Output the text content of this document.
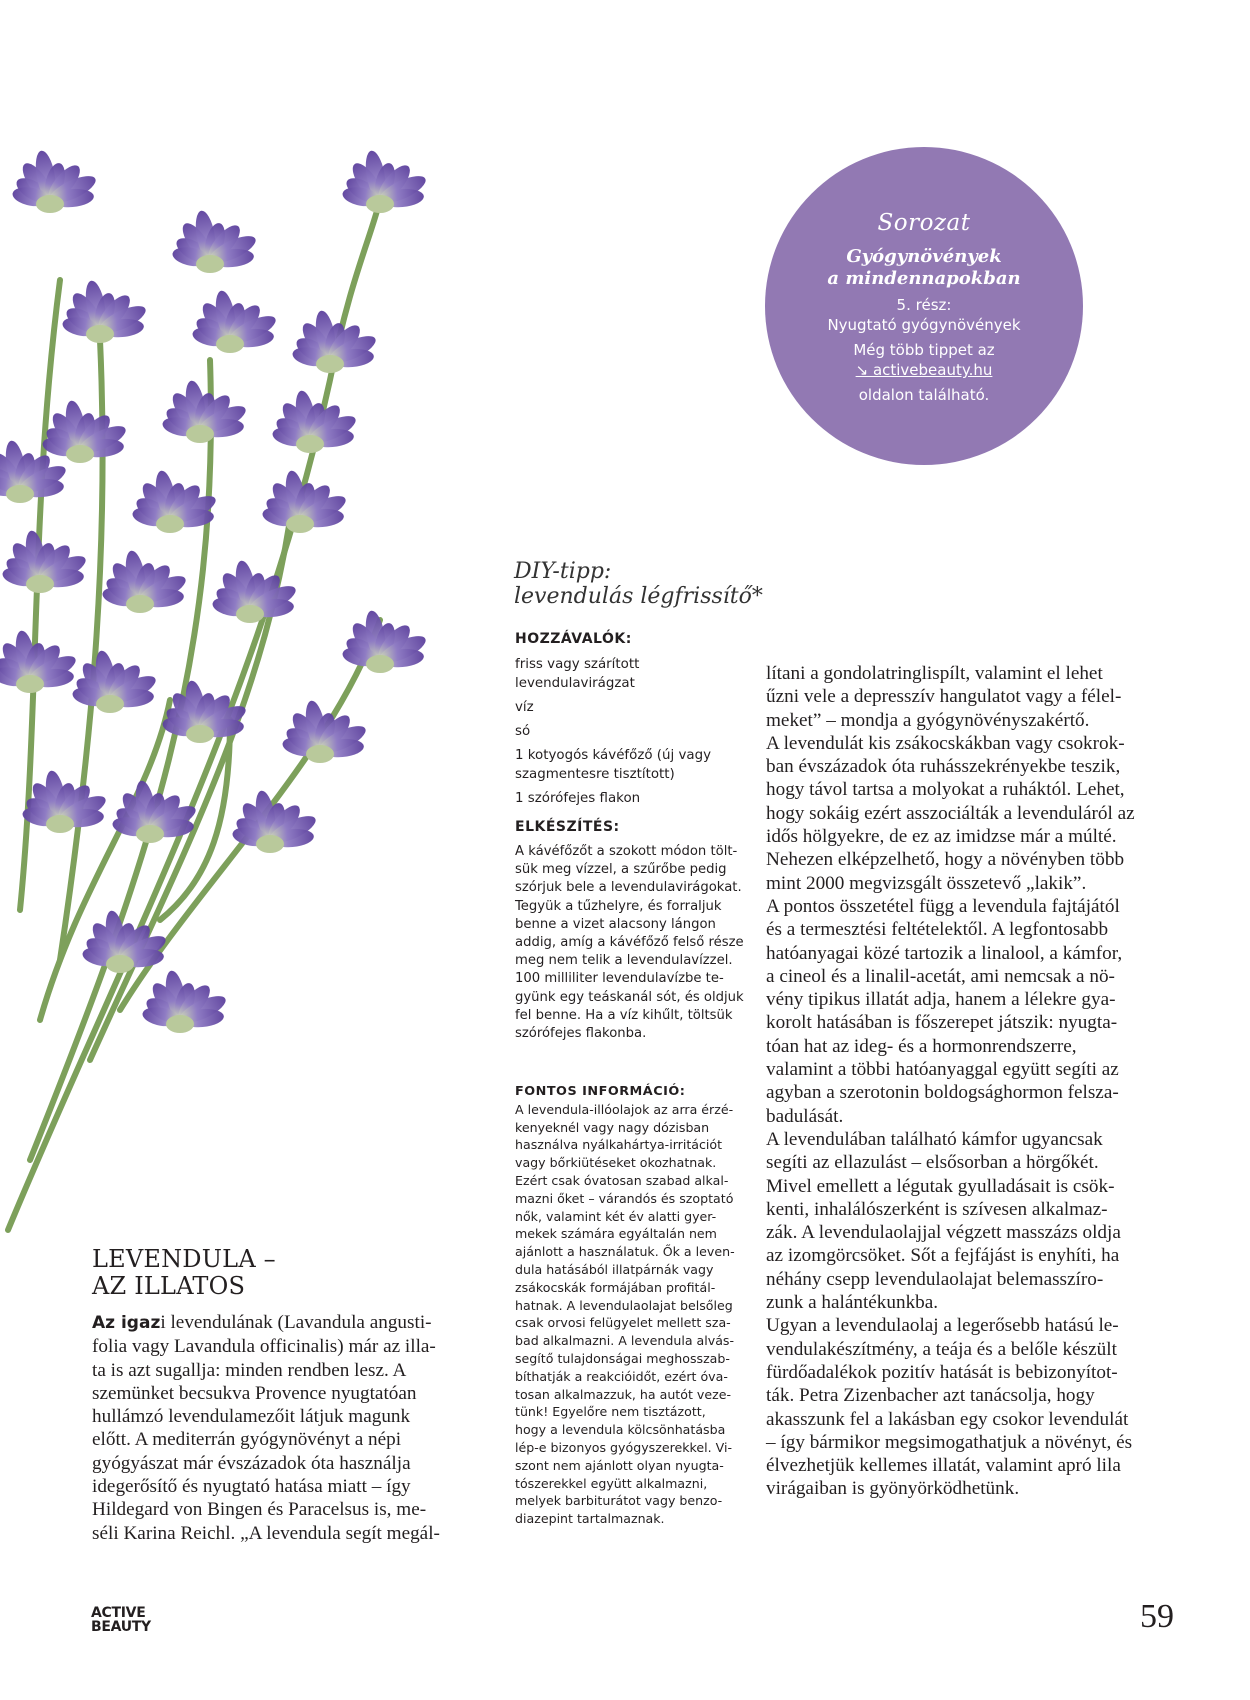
Sorozat
Gyógynövények
a mindennapokban
5. rész:
Nyugtató gyógynövények
Még több tippet az
↘ activebeauty.hu
oldalon található.
DIY-tipp:
levendulás légfrissítő*

HOZZÁVALÓK:

friss vagy szárított
levendulavirágzat
víz
só
1 kotyogós kávéfőző (új vagy
szagmentesre tisztított)
1 szórófejes flakon

ELKÉSZÍTÉS:

A kávéfőzőt a szokott módon tölt-

sük meg vízzel, a szűrőbe pedig

szórjuk bele a levendulavirágokat.

Tegyük a tűzhelyre, és forraljuk

benne a vizet alacsony lángon

addig, amíg a kávéfőző felső része

meg nem telik a levendulavízzel.

100 milliliter levendulavízbe te-

gyünk egy teáskanál sót, és oldjuk

fel benne. Ha a víz kihűlt, töltsük

szórófejes flakonba.

FONTOS INFORMÁCIÓ:

A levendula-illóolajok az arra érzé-

kenyeknél vagy nagy dózisban

használva nyálkahártya-irritációt

vagy bőrkiütéseket okozhatnak.

Ezért csak óvatosan szabad alkal-

mazni őket – várandós és szoptató

nők, valamint két év alatti gyer-

mekek számára egyáltalán nem

ajánlott a használatuk. Ők a leven-

dula hatásából illatpárnák vagy

zsákocskák formájában profitál-

hatnak. A levendulaolajat belsőleg

csak orvosi felügyelet mellett sza-

bad alkalmazni. A levendula alvás-

segítő tulajdonságai meghosszab-

bíthatják a reakcióidőt, ezért óva-

tosan alkalmazzuk, ha autót veze-

tünk! Egyelőre nem tisztázott,

hogy a levendula kölcsönhatásba

lép-e bizonyos gyógyszerekkel. Vi-

szont nem ajánlott olyan nyugta-

tószerekkel együtt alkalmazni,

melyek barbiturátot vagy benzo-

diazepint tartalmaznak.

lítani a gondolatringlispílt, valamint el lehet

űzni vele a depresszív hangulatot vagy a félel-

meket” – mondja a gyógynövényszakértő.

A levendulát kis zsákocskákban vagy csokrok-

ban évszázadok óta ruhásszekrényekbe teszik,

hogy távol tartsa a molyokat a ruháktól. Lehet,

hogy sokáig ezért asszociálták a levenduláról az

idős hölgyekre, de ez az imidzse már a múlté.

Nehezen elképzelhető, hogy a növényben több

mint 2000 megvizsgált összetevő „lakik”.

A pontos összetétel függ a levendula fajtájától

és a termesztési feltételektől. A legfontosabb

hatóanyagai közé tartozik a linalool, a kámfor,

a cineol és a linalil-acetát, ami nemcsak a nö-

vény tipikus illatát adja, hanem a lélekre gya-

korolt hatásában is főszerepet játszik: nyugta-

tóan hat az ideg- és a hormonrendszerre,

valamint a többi hatóanyaggal együtt segíti az

agyban a szerotonin boldogsághormon felsza-

badulását.

A levendulában található kámfor ugyancsak

segíti az ellazulást – elsősorban a hörgőkét.

Mivel emellett a légutak gyulladásait is csök-

kenti, inhalálószerként is szívesen alkalmaz-

zák. A levendulaolajjal végzett masszázs oldja

az izomgörcsöket. Sőt a fejfájást is enyhíti, ha

néhány csepp levendulaolajat belemasszíro-

zunk a halántékunkba.

Ugyan a levendulaolaj a legerősebb hatású le-

vendulakészítmény, a teája és a belőle készült

fürdőadalékok pozitív hatását is bebizonyítot-

ták. Petra Zizenbacher azt tanácsolja, hogy

akasszunk fel a lakásban egy csokor levendulát

– így bármikor megsimogathatjuk a növényt, és

élvezhetjük kellemes illatát, valamint apró lila

virágaiban is gyönyörködhetünk.

LEVENDULA –
AZ ILLATOS

Az igazi levendulának (Lavandula angusti-

folia vagy Lavandula officinalis) már az illa-

ta is azt sugallja: minden rendben lesz. A

szemünket becsukva Provence nyugtatóan

hullámzó levendulamezőit látjuk magunk

előtt. A mediterrán gyógynövényt a népi

gyógyászat már évszázadok óta használja

idegerősítő és nyugtató hatása miatt – így

Hildegard von Bingen és Paracelsus is, me-

séli Karina Reichl. „A levendula segít megál-

ACTIVE
BEAUTY	59
